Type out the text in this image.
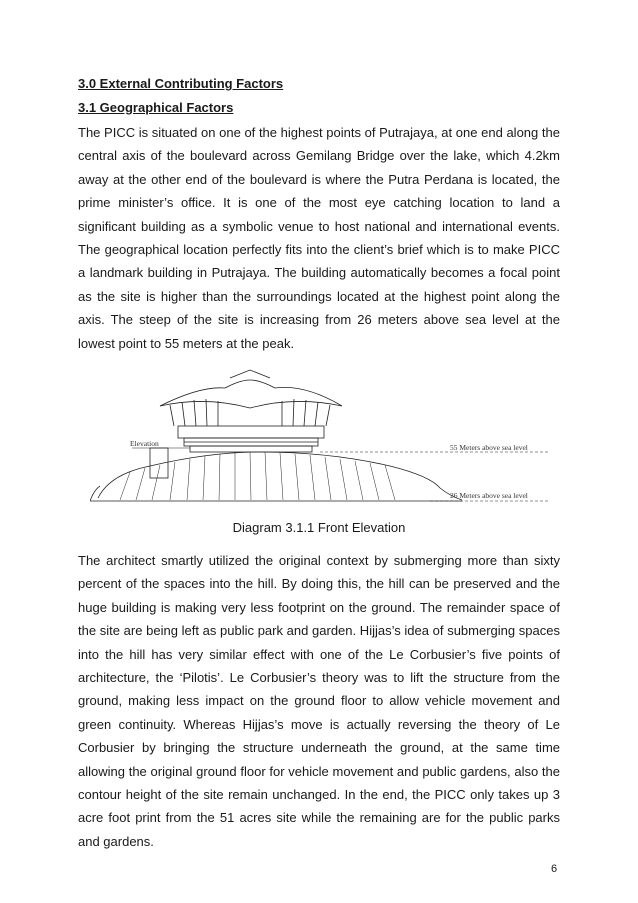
3.0 External Contributing Factors

3.1 Geographical Factors

The PICC is situated on one of the highest points of Putrajaya, at one end along the central axis of the boulevard across Gemilang Bridge over the lake, which 4.2km away at the other end of the boulevard is where the Putra Perdana is located, the prime minister’s office. It is one of the most eye catching location to land a significant building as a symbolic venue to host national and international events. The geographical location perfectly fits into the client’s brief which is to make PICC a landmark building in Putrajaya. The building automatically becomes a focal point as the site is higher than the surroundings located at the highest point along the axis. The steep of the site is increasing from 26 meters above sea level at the lowest point to 55 meters at the peak.

Elevation	55 Meters above sea level
26 Meters above sea level

Diagram 3.1.1 Front Elevation

The architect smartly utilized the original context by submerging more than sixty percent of the spaces into the hill. By doing this, the hill can be preserved and the huge building is making very less footprint on the ground. The remainder space of the site are being left as public park and garden. Hijjas’s idea of submerging spaces into the hill has very similar effect with one of the Le Corbusier’s five points of architecture, the ‘Pilotis’. Le Corbusier’s theory was to lift the structure from the ground, making less impact on the ground floor to allow vehicle movement and green continuity. Whereas Hijjas’s move is actually reversing the theory of Le Corbusier by bringing the structure underneath the ground, at the same time allowing the original ground floor for vehicle movement and public gardens, also the contour height of the site remain unchanged. In the end, the PICC only takes up 3 acre foot print from the 51 acres site while the remaining are for the public parks and gardens.

6
